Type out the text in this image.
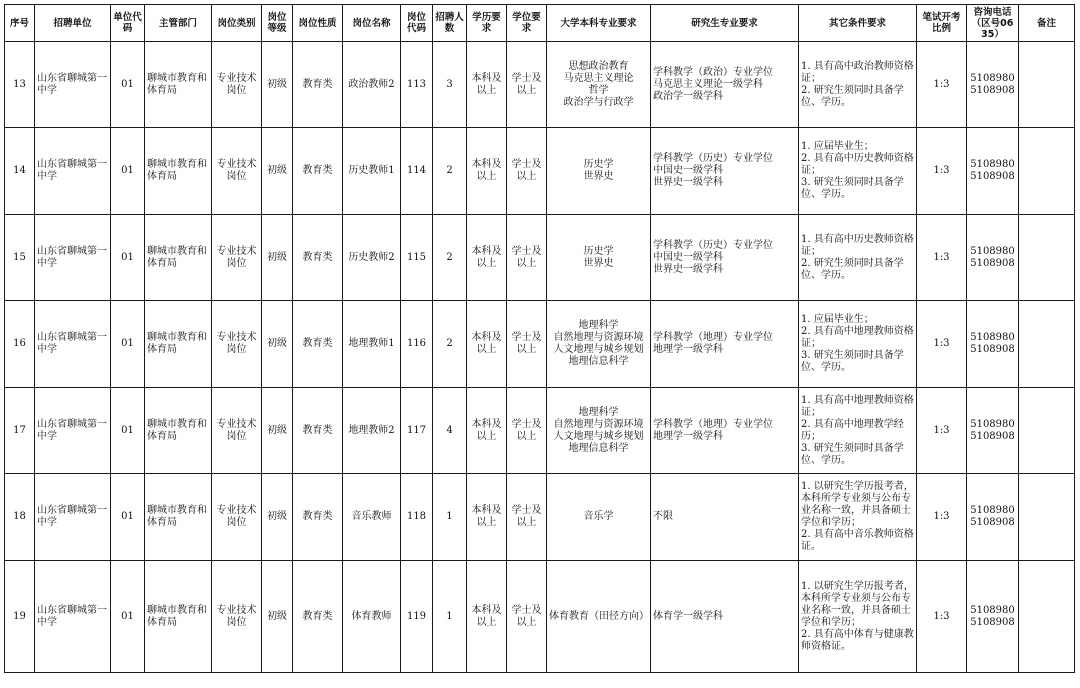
序号	招聘单位	单位代码	主管部门	岗位类别	岗位等级	岗位性质	岗位名称	岗位代码	招聘人数	学历要求	学位要求	大学本科专业要求	研究生专业要求	其它条件要求	笔试开考比例	咨询电话（区号0635）	备注
13	山东省聊城第一中学	01	聊城市教育和体育局	专业技术岗位	初级	教育类	政治教师2	113	3	本科及以上	学士及以上	思想政治教育
马克思主义理论
哲学
政治学与行政学	学科教学（政治）专业学位
马克思主义理论一级学科
政治学一级学科	1. 具有高中政治教师资格证；
2. 研究生须同时具备学位、学历。	1:3	5108980
5108908	

14	山东省聊城第一中学	01	聊城市教育和体育局	专业技术岗位	初级	教育类	历史教师1	114	2	本科及以上	学士及以上	历史学
世界史	学科教学（历史）专业学位
中国史一级学科
世界史一级学科	1. 应届毕业生；
2. 具有高中历史教师资格证；
3. 研究生须同时具备学位、学历。	1:3	5108980
5108908	

15	山东省聊城第一中学	01	聊城市教育和体育局	专业技术岗位	初级	教育类	历史教师2	115	2	本科及以上	学士及以上	历史学
世界史	学科教学（历史）专业学位
中国史一级学科
世界史一级学科	1. 具有高中历史教师资格证；
2. 研究生须同时具备学位、学历。	1:3	5108980
5108908	

16	山东省聊城第一中学	01	聊城市教育和体育局	专业技术岗位	初级	教育类	地理教师1	116	2	本科及以上	学士及以上	地理科学
自然地理与资源环境
人文地理与城乡规划
地理信息科学	学科教学（地理）专业学位
地理学一级学科	1. 应届毕业生；
2. 具有高中地理教师资格证；
3. 研究生须同时具备学位、学历。	1:3	5108980
5108908	

17	山东省聊城第一中学	01	聊城市教育和体育局	专业技术岗位	初级	教育类	地理教师2	117	4	本科及以上	学士及以上	地理科学
自然地理与资源环境
人文地理与城乡规划
地理信息科学	学科教学（地理）专业学位
地理学一级学科	1. 具有高中地理教师资格证；
2. 具有高中地理教学经历；
3. 研究生须同时具备学位、学历。	1:3	5108980
5108908	

18	山东省聊城第一中学	01	聊城市教育和体育局	专业技术岗位	初级	教育类	音乐教师	118	1	本科及以上	学士及以上	音乐学	不限	1. 以研究生学历报考者，本科所学专业须与公布专业名称一致，并具备硕士学位和学历；
2. 具有高中音乐教师资格证。	1:3	5108980
5108908	

19	山东省聊城第一中学	01	聊城市教育和体育局	专业技术岗位	初级	教育类	体育教师	119	1	本科及以上	学士及以上	体育教育（田径方向）	体育学一级学科	1. 以研究生学历报考者，本科所学专业须与公布专业名称一致，并具备硕士学位和学历；
2. 具有高中体育与健康教师资格证。	1:3	5108980
5108908	
